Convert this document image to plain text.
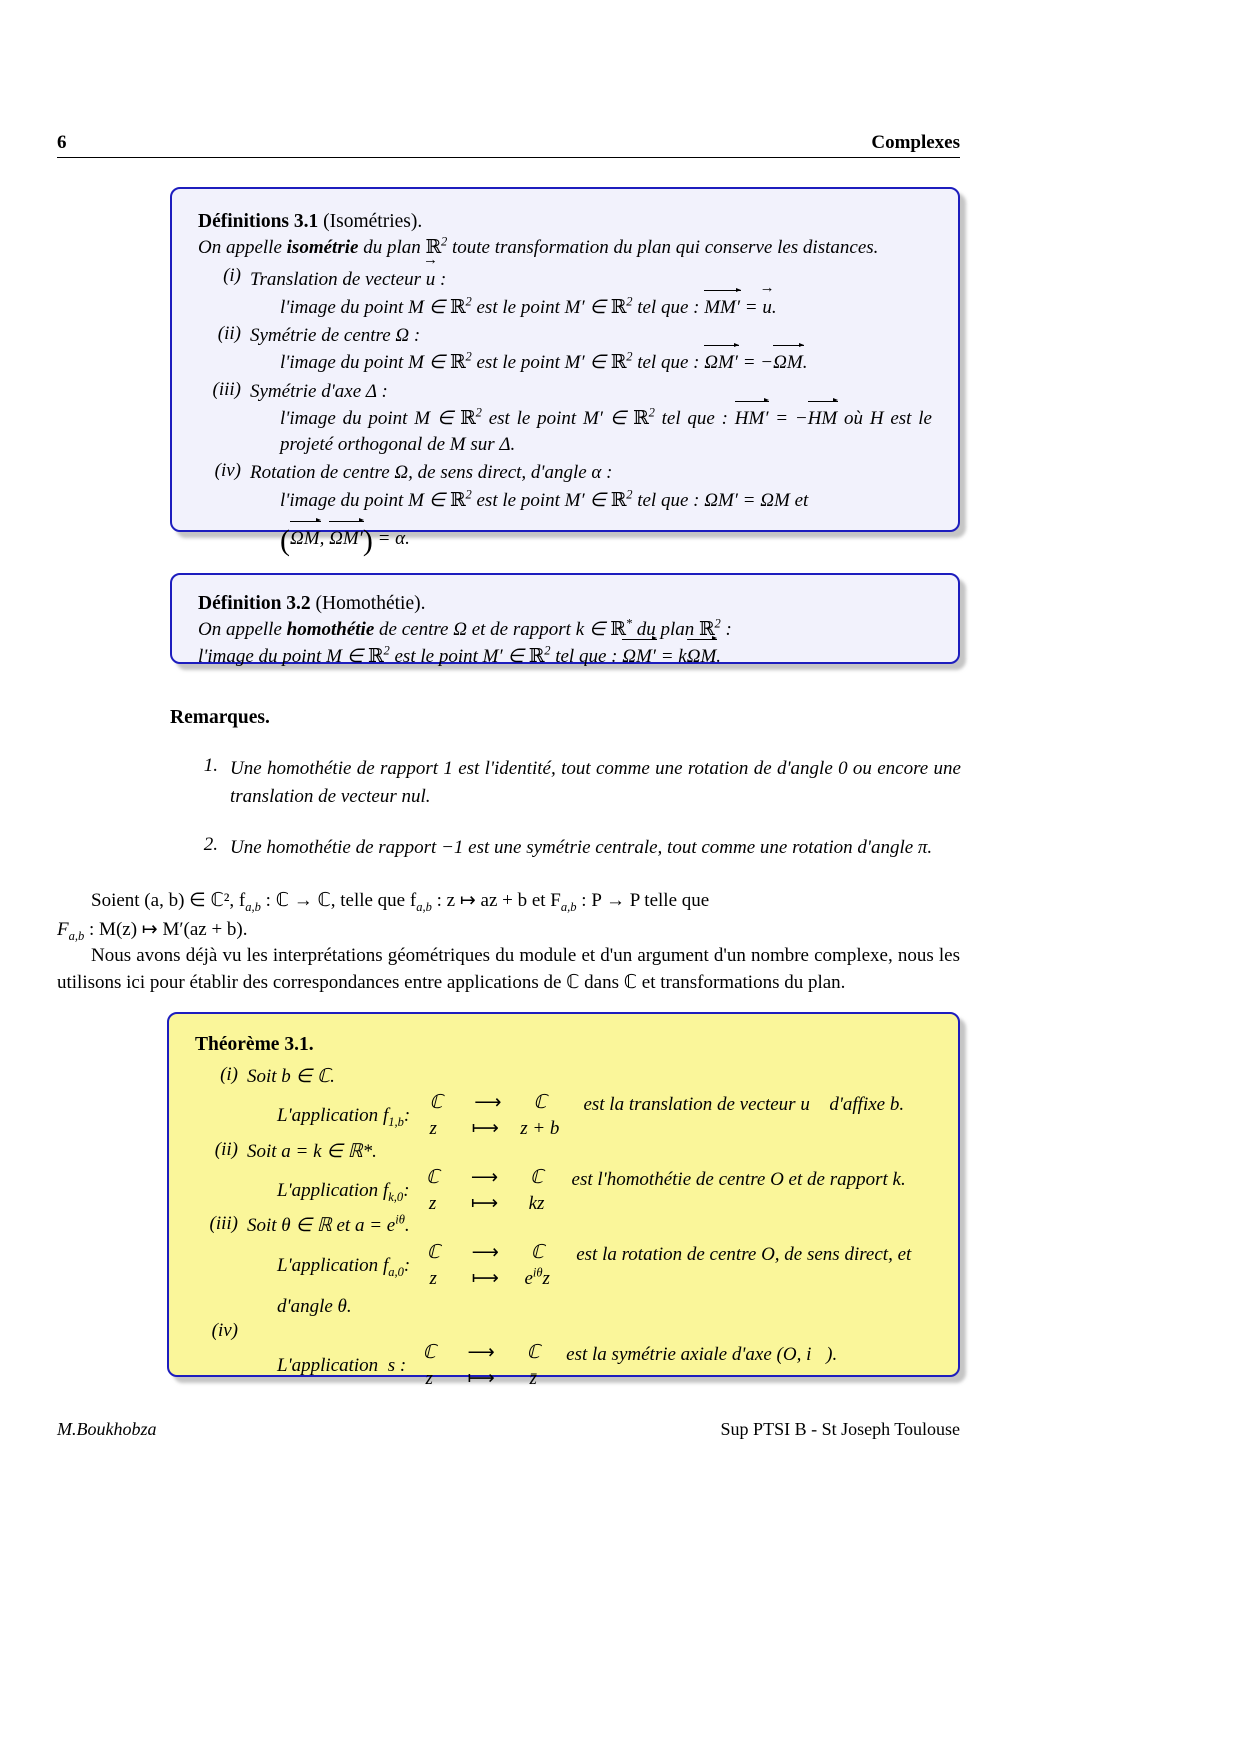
6	Complexes
Définitions 3.1 (Isométries).
On appelle isométrie du plan ℝ$^2$ toute transformation du plan qui conserve les distances.
(i) Translation de vecteur u → :
l'image du point M ∈ ℝ$^2$ est le point M′ ∈ ℝ$^2$ tel que : MM′ = u →.
(ii) Symétrie de centre Ω :
l'image du point M ∈ ℝ$^2$ est le point M′ ∈ ℝ$^2$ tel que : ΩM′ = −ΩM.
(iii) Symétrie d'axe Δ :
l'image du point M ∈ ℝ$^2$ est le point M′ ∈ ℝ$^2$ tel que : HM′ = −HM où H est le projeté orthogonal de M sur Δ.
(iv) Rotation de centre Ω, de sens direct, d'angle α :
l'image du point M ∈ ℝ$^2$ est le point M′ ∈ ℝ$^2$ tel que : ΩM′ = ΩM et
(ΩM, ΩM′) = α.
Définition 3.2 (Homothétie).
On appelle homothétie de centre Ω et de rapport k ∈ ℝ* du plan ℝ$^2$ :
l'image du point M ∈ ℝ$^2$ est le point M′ ∈ ℝ$^2$ tel que : ΩM′ = kΩM.
Remarques.
1. Une homothétie de rapport 1 est l'identité, tout comme une rotation de d'angle 0 ou encore une translation de vecteur nul.
2. Une homothétie de rapport −1 est une symétrie centrale, tout comme une rotation d'angle π.
Soient (a, b) ∈ ℂ², $f_{a,b}$ : ℂ → ℂ, telle que $f_{a,b}$ : z ↦ az + b et $F_{a,b}$ : P → P telle que
$F_{a,b}$ : M(z) ↦ M′(az + b).
Nous avons déjà vu les interprétations géométriques du module et d'un argument d'un nombre complexe, nous les utilisons ici pour établir des correspondances entre applications de ℂ dans ℂ et transformations du plan.
Théorème 3.1.
(i) Soit b ∈ ℂ.
L'application
$f_{1,b}$ :
ℂ	⟶	ℂ
z	⟼ z + b
est la translation de vecteur u⃗ d'affixe b.
(ii) Soit a = k ∈ ℝ*.
L'application
$f_{k,0}$ :
ℂ	⟶	ℂ
z	⟼	kz
est l'homothétie de centre O et de rapport k.
(iii) Soit θ ∈ ℝ et $a = e^{i\theta}$.
L'application
$f_{a,0}$ :
ℂ	⟶	ℂ
z	⟼ $e^{i\theta}z$
est la rotation de centre O, de sens direct, et
d'angle θ.
(iv)
L'application
s
:
ℂ	⟶	ℂ
z	⟼	z̄
est la symétrie axiale d'axe (O, i⃗).
M.Boukhobza	Sup PTSI B - St Joseph Toulouse
